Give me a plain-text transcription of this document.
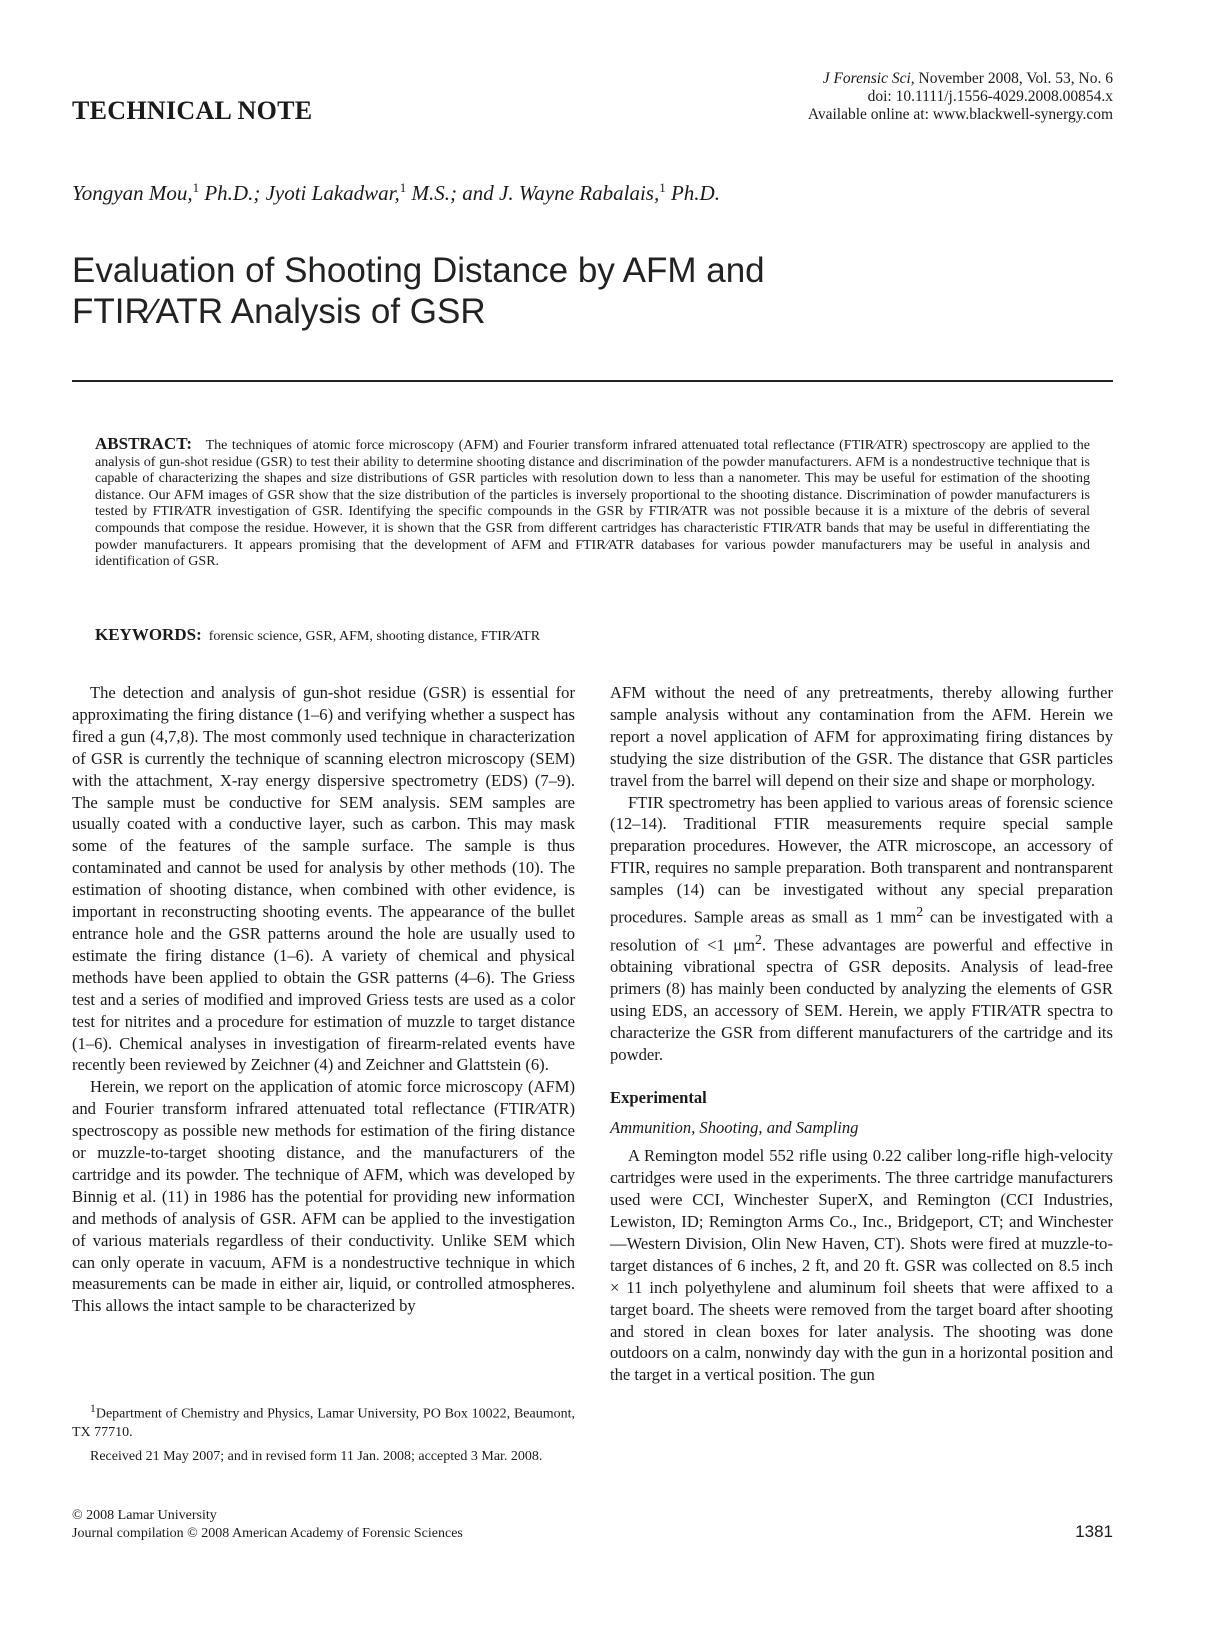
J Forensic Sci, November 2008, Vol. 53, No. 6
doi: 10.1111/j.1556-4029.2008.00854.x
Available online at: www.blackwell-synergy.com
TECHNICAL NOTE
Yongyan Mou,$^1$ Ph.D.; Jyoti Lakadwar,$^1$ M.S.; and J. Wayne Rabalais,$^1$ Ph.D.
Evaluation of Shooting Distance by AFM and
FTIR∕ATR Analysis of GSR
ABSTRACT: The techniques of atomic force microscopy (AFM) and Fourier transform infrared attenuated total reflectance (FTIR∕ATR) spectroscopy are applied to the analysis of gun-shot residue (GSR) to test their ability to determine shooting distance and discrimination of the powder manufacturers. AFM is a nondestructive technique that is capable of characterizing the shapes and size distributions of GSR particles with resolution down to less than a nanometer. This may be useful for estimation of the shooting distance. Our AFM images of GSR show that the size distribution of the particles is inversely proportional to the shooting distance. Discrimination of powder manufacturers is tested by FTIR∕ATR investigation of GSR. Identifying the specific compounds in the GSR by FTIR∕ATR was not possible because it is a mixture of the debris of several compounds that compose the residue. However, it is shown that the GSR from different cartridges has characteristic FTIR∕ATR bands that may be useful in differentiating the powder manufacturers. It appears promising that the development of AFM and FTIR∕ATR databases for various powder manufacturers may be useful in analysis and identification of GSR.
KEYWORDS: forensic science, GSR, AFM, shooting distance, FTIR∕ATR

The detection and analysis of gun-shot residue (GSR) is essential for approximating the firing distance (1–6) and verifying whether a suspect has fired a gun (4,7,8). The most commonly used technique in characterization of GSR is currently the technique of scanning electron microscopy (SEM) with the attachment, X-ray energy dispersive spectrometry (EDS) (7–9). The sample must be conductive for SEM analysis. SEM samples are usually coated with a conductive layer, such as carbon. This may mask some of the features of the sample surface. The sample is thus contaminated and cannot be used for analysis by other methods (10). The estimation of shooting distance, when combined with other evidence, is important in reconstructing shooting events. The appearance of the bullet entrance hole and the GSR patterns around the hole are usually used to estimate the firing distance (1–6). A variety of chemical and physical methods have been applied to obtain the GSR patterns (4–6). The Griess test and a series of modified and improved Griess tests are used as a color test for nitrites and a procedure for estimation of muzzle to target distance (1–6). Chemical analyses in investigation of firearm-related events have recently been reviewed by Zeichner (4) and Zeichner and Glattstein (6).

Herein, we report on the application of atomic force microscopy (AFM) and Fourier transform infrared attenuated total reflectance (FTIR∕ATR) spectroscopy as possible new methods for estimation of the firing distance or muzzle-to-target shooting distance, and the manufacturers of the cartridge and its powder. The technique of AFM, which was developed by Binnig et al. (11) in 1986 has the potential for providing new information and methods of analysis of GSR. AFM can be applied to the investigation of various materials regardless of their conductivity. Unlike SEM which can only operate in vacuum, AFM is a nondestructive technique in which measurements can be made in either air, liquid, or controlled atmospheres. This allows the intact sample to be characterized by

AFM without the need of any pretreatments, thereby allowing further sample analysis without any contamination from the AFM. Herein we report a novel application of AFM for approximating firing distances by studying the size distribution of the GSR. The distance that GSR particles travel from the barrel will depend on their size and shape or morphology.

FTIR spectrometry has been applied to various areas of forensic science (12–14). Traditional FTIR measurements require special sample preparation procedures. However, the ATR microscope, an accessory of FTIR, requires no sample preparation. Both transparent and nontransparent samples (14) can be investigated without any special preparation procedures. Sample areas as small as 1 $mm^2$ can be investigated with a resolution of <1 $\mu m^2$. These advantages are powerful and effective in obtaining vibrational spectra of GSR deposits. Analysis of lead-free primers (8) has mainly been conducted by analyzing the elements of GSR using EDS, an accessory of SEM. Herein, we apply FTIR∕ATR spectra to characterize the GSR from different manufacturers of the cartridge and its powder.

Experimental
Ammunition, Shooting, and Sampling

A Remington model 552 rifle using 0.22 caliber long-rifle high-velocity cartridges were used in the experiments. The three cartridge manufacturers used were CCI, Winchester SuperX, and Remington (CCI Industries, Lewiston, ID; Remington Arms Co., Inc., Bridgeport, CT; and Winchester—Western Division, Olin New Haven, CT). Shots were fired at muzzle-to-target distances of 6 inches, 2 ft, and 20 ft. GSR was collected on 8.5 inch × 11 inch polyethylene and aluminum foil sheets that were affixed to a target board. The sheets were removed from the target board after shooting and stored in clean boxes for later analysis. The shooting was done outdoors on a calm, nonwindy day with the gun in a horizontal position and the target in a vertical position. The gun

$^1$Department of Chemistry and Physics, Lamar University, PO Box 10022, Beaumont, TX 77710.

Received 21 May 2007; and in revised form 11 Jan. 2008; accepted 3 Mar. 2008.

© 2008 Lamar University
Journal compilation © 2008 American Academy of Forensic Sciences	1381
